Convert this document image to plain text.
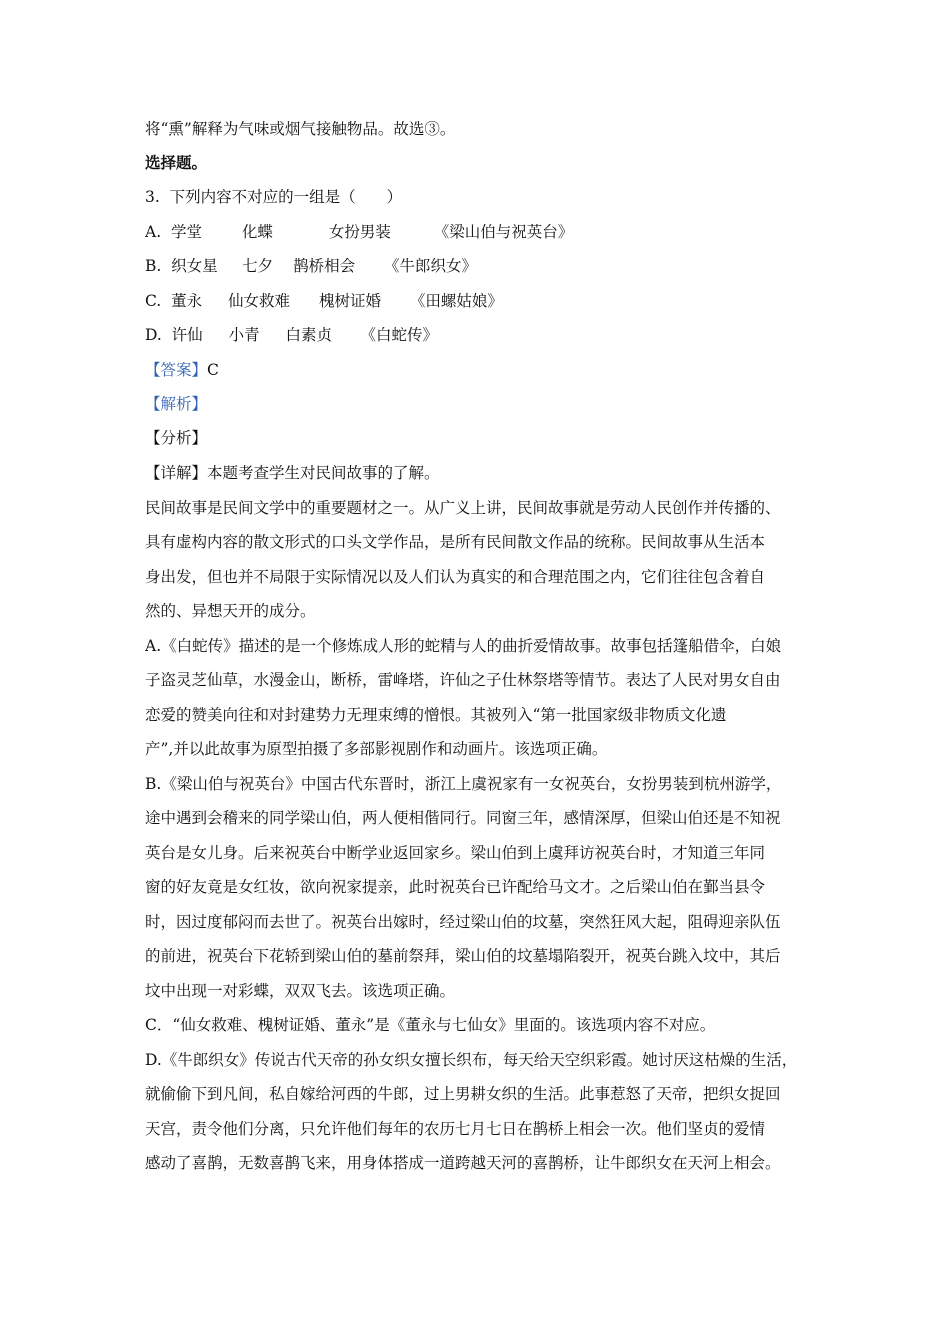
将“熏”解释为气味或烟气接触物品。故选③。
选择题。
3. 下列内容不对应的一组是（　　）
A. 学堂	化蝶	女扮男装	《梁山伯与祝英台》
B. 织女星 七夕 鹊桥相会 《牛郎织女》
C. 董永 仙女救难 槐树证婚 《田螺姑娘》
D. 许仙 小青 白素贞 《白蛇传》
【答案】C
【解析】
【分析】
【详解】本题考查学生对民间故事的了解。
民间故事是民间文学中的重要题材之一。从广义上讲，民间故事就是劳动人民创作并传播的、
具有虚构内容的散文形式的口头文学作品，是所有民间散文作品的统称。民间故事从生活本
身出发，但也并不局限于实际情况以及人们认为真实的和合理范围之内，它们往往包含着自
然的、异想天开的成分。
A.《白蛇传》描述的是一个修炼成人形的蛇精与人的曲折爱情故事。故事包括篷船借伞，白娘
子盗灵芝仙草，水漫金山，断桥，雷峰塔，许仙之子仕林祭塔等情节。表达了人民对男女自由
恋爱的赞美向往和对封建势力无理束缚的憎恨。其被列入“第一批国家级非物质文化遗
产”,并以此故事为原型拍摄了多部影视剧作和动画片。该选项正确。
B.《梁山伯与祝英台》中国古代东晋时，浙江上虞祝家有一女祝英台，女扮男装到杭州游学，
途中遇到会稽来的同学梁山伯，两人便相偕同行。同窗三年，感情深厚，但梁山伯还是不知祝
英台是女儿身。后来祝英台中断学业返回家乡。梁山伯到上虞拜访祝英台时，才知道三年同
窗的好友竟是女红妆，欲向祝家提亲，此时祝英台已许配给马文才。之后梁山伯在鄞当县令
时，因过度郁闷而去世了。祝英台出嫁时，经过梁山伯的坟墓，突然狂风大起，阻碍迎亲队伍
的前进，祝英台下花轿到梁山伯的墓前祭拜，梁山伯的坟墓塌陷裂开，祝英台跳入坟中，其后
坟中出现一对彩蝶，双双飞去。该选项正确。
C．“仙女救难、槐树证婚、董永”是《董永与七仙女》里面的。该选项内容不对应。
D.《牛郎织女》传说古代天帝的孙女织女擅长织布，每天给天空织彩霞。她讨厌这枯燥的生活，
就偷偷下到凡间，私自嫁给河西的牛郎，过上男耕女织的生活。此事惹怒了天帝，把织女捉回
天宫，责令他们分离，只允许他们每年的农历七月七日在鹊桥上相会一次。他们坚贞的爱情
感动了喜鹊，无数喜鹊飞来，用身体搭成一道跨越天河的喜鹊桥，让牛郎织女在天河上相会。
